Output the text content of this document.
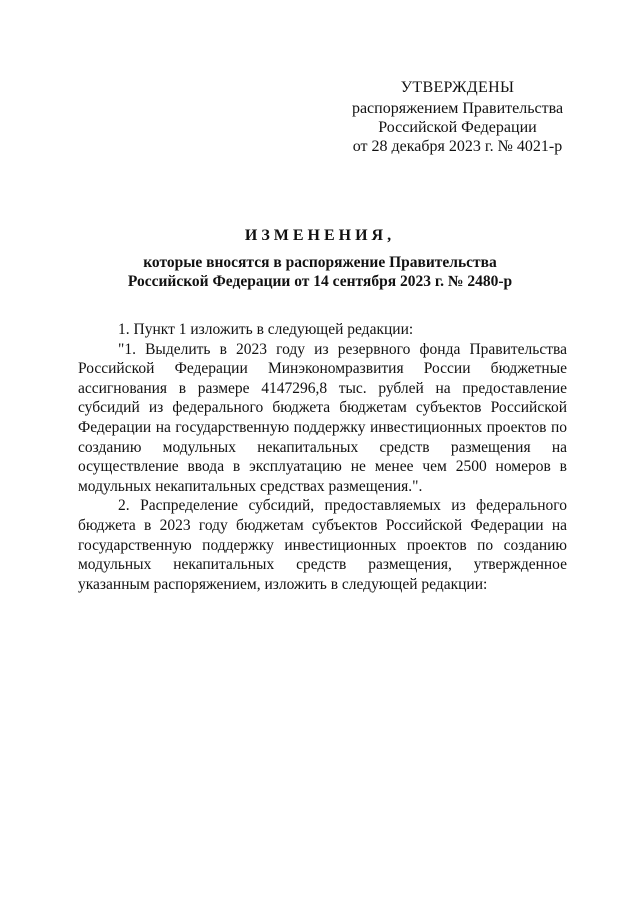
УТВЕРЖДЕНЫ
распоряжением Правительства
Российской Федерации
от 28 декабря 2023 г. № 4021-р
ИЗМЕНЕНИЯ,
которые вносятся в распоряжение Правительства
Российской Федерации от 14 сентября 2023 г. № 2480-р

1. Пункт 1 изложить в следующей редакции:

"1. Выделить в 2023 году из резервного фонда Правительства Российской Федерации Минэкономразвития России бюджетные ассигнования в размере 4147296,8 тыс. рублей на предоставление субсидий из федерального бюджета бюджетам субъектов Российской Федерации на государственную поддержку инвестиционных проектов по созданию модульных некапитальных средств размещения на осуществление ввода в эксплуатацию не менее чем 2500 номеров в модульных некапитальных средствах размещения.".

2. Распределение субсидий, предоставляемых из федерального бюджета в 2023 году бюджетам субъектов Российской Федерации на государственную поддержку инвестиционных проектов по созданию модульных некапитальных средств размещения, утвержденное указанным распоряжением, изложить в следующей редакции:
